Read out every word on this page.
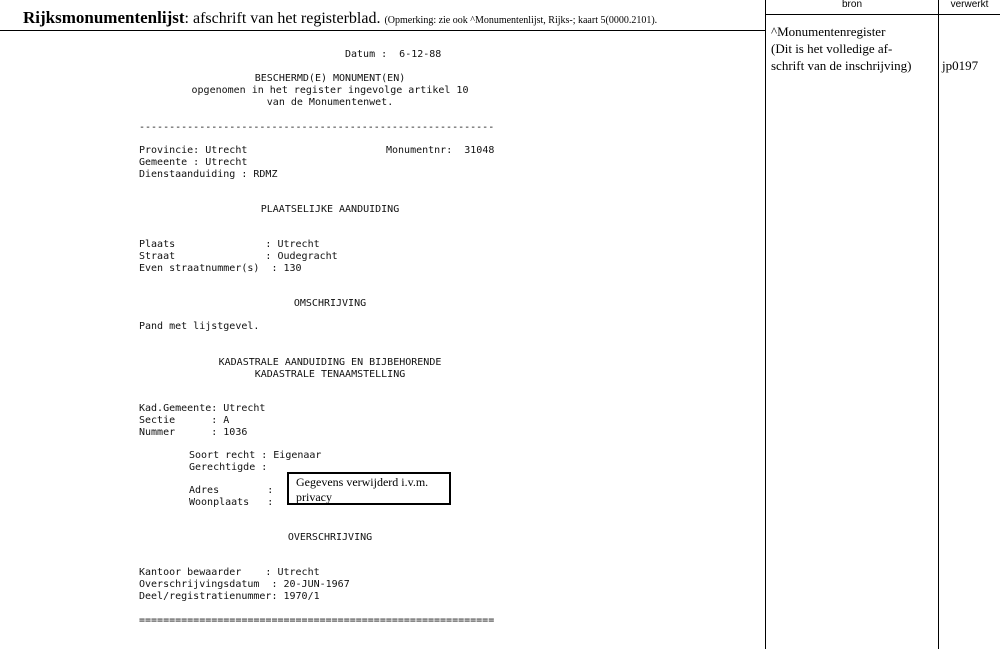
Rijksmonumentenlijst: afschrift van het registerblad. (Opmerking: zie ook ^Monumentenlijst, Rijks-; kaart 5(0000.2101).
bron	verwerkt
^Monumentenregister
(Dit is het volledige af-
schrift van de inschrijving)	jp0197
Datum :  6-12-88
BESCHERMD(E) MONUMENT(EN)
opgenomen in het register ingevolge artikel 10
van de Monumentenwet.
-----------------------------------------------------------
Provincie: Utrecht	Monumentnr:  31048
Gemeente : Utrecht
Dienstaanduiding : RDMZ
PLAATSELIJKE AANDUIDING
Plaats               : Utrecht
Straat               : Oudegracht
Even straatnummer(s)  : 130
OMSCHRIJVING
Pand met lijstgevel.
KADASTRALE AANDUIDING EN BIJBEHORENDE
KADASTRALE TENAAMSTELLING
Kad.Gemeente: Utrecht
Sectie      : A
Nummer      : 1036
Soort recht : Eigenaar
Gerechtigde :
Adres        :
Woonplaats   :
Gegevens verwijderd i.v.m. privacy
OVERSCHRIJVING
Kantoor bewaarder    : Utrecht
Overschrijvingsdatum  : 20-JUN-1967
Deel/registratienummer: 1970/1
===========================================================
